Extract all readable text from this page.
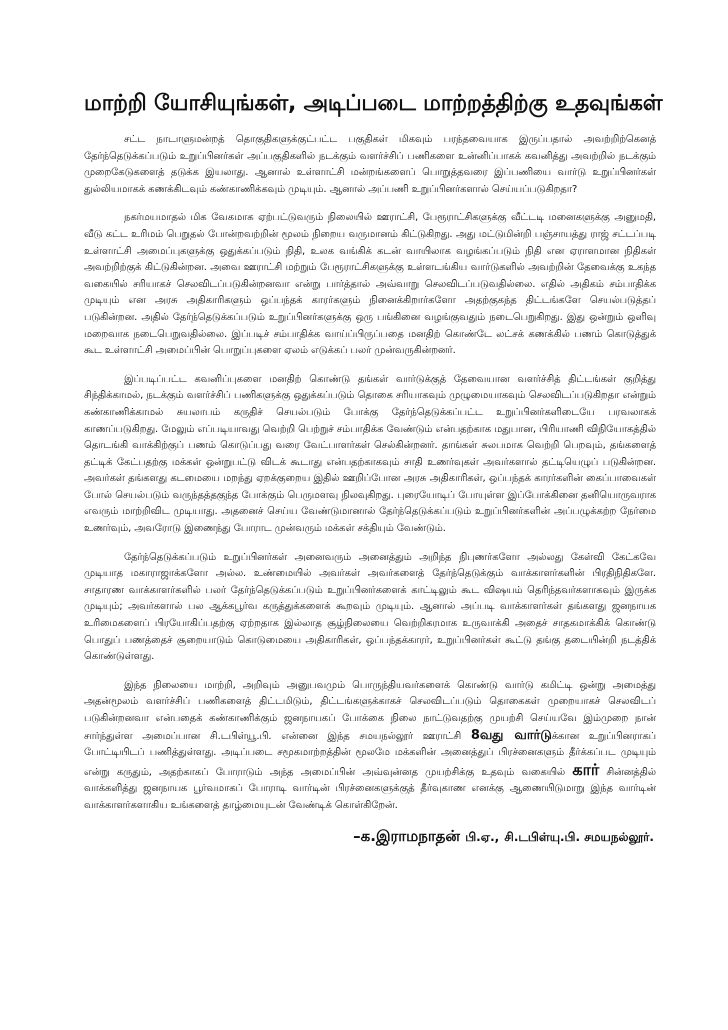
மாற்றி யோசியுங்கள், அடிப்படை மாற்றத்திற்கு உதவுங்கள்

சட்ட நாடாளுமன்றத் தொகுதிகளுக்குட்பட்ட பகுதிகள் மிகவும் பரந்தவையாக இருப்பதால் அவற்றிற்கெனத் தேர்ந்தெடுக்கப்படும் உறுப்பினர்கள் அப்பகுதிகளில் நடக்கும் வளர்ச்சிப் பணிகளை உன்னிப்பாகக் கவனித்து அவற்றில் நடக்கும் முறைகேடுகளைத் தடுக்க இயலாது. ஆனால் உள்ளாட்சி மன்றங்களைப் பொறுத்தவரை இப்பணியை வார்டு உறுப்பினர்கள் துல்லியமாகக் கணக்கிடவும் கண்காணிக்கவும் முடியும். ஆனால் அப்பணி உறுப்பினர்களால் செய்யப்படுகிறதா?

நகர்மயமாதல் மிக வேகமாக ஏற்பட்டுவரும் நிலையில் ஊராட்சி, பேரூராட்சிகளுக்கு வீட்டடி மனைகளுக்கு அனுமதி, வீடு கட்ட உரிமம் பெறுதல் போன்றவற்றின் மூலம் நிறைய வருமானம் கிட்டுகிறது. அது மட்டுமின்றி பஞ்சாயத்து ராஜ் சட்டப்படி உள்ளாட்சி அமைப்புகளுக்கு ஒதுக்கப்படும் நிதி, உலக வங்கிக் கடன் வாயிலாக வழங்கப்படும் நிதி என ஏராளமான நிதிகள் அவற்றிற்குக் கிட்டுகின்றன. அவை ஊராட்சி மற்றும் பேரூராட்சிகளுக்கு உள்ளடங்கிய வார்டுகளில் அவற்றின் தேவைக்கு உகந்த வகையில் சரியாகச் செலவிடப்படுகின்றனவா என்று பார்த்தால் அவ்வாறு செலவிடப்படுவதில்லை. எதில் அதிகம் சம்பாதிக்க முடியும் என அரசு அதிகாரிகளும் ஒப்பந்தக் காரர்களும் நினைக்கிறார்களோ அதற்குகந்த திட்டங்களே செயல்படுத்தப் படுகின்றன. அதில் தேர்ந்தெடுக்கப்படும் உறுப்பினர்களுக்கு ஒரு பங்கினை வழங்குவதும் நடைபெறுகிறது. இது ஒன்றும் ஒளிவு மறைவாக நடைபெறுவதில்லை. இப்படிச் சம்பாதிக்க வாய்ப்பிருப்பதை மனதிற் கொண்டே லட்சக் கணக்கில் பணம் கொடுத்துக் கூட உள்ளாட்சி அமைப்பின் பொறுப்புகளை ஏலம் எடுக்கப் பலர் முன்வருகின்றனர்.

இப்படிப்பட்ட கவனிப்புகளை மனதிற் கொண்டு தங்கள் வார்டுக்குத் தேவையான வளர்ச்சித் திட்டங்கள் குறித்து சிந்திக்காமல், நடக்கும் வளர்ச்சிப் பணிகளுக்கு ஒதுக்கப்படும் தொகை சரியாகவும் முழுமையாகவும் செலவிடப்படுகிறதா என்றும் கண்காணிக்காமல் சுயலாபம் கருதிச் செயல்படும் போக்கு தேர்ந்தெடுக்கப்பட்ட உறுப்பினர்களிடையே பரவலாகக் காணப்படுகிறது. மேலும் எப்படியாவது வெற்றி பெற்றுச் சம்பாதிக்க வேண்டும் என்பதற்காக மதுபான, பிரியாணி விநியோகத்தில் தொடங்கி வாக்கிற்குப் பணம் கொடுப்பது வரை வேட்பாளர்கள் செல்கின்றனர். தாங்கள் சுலபமாக வெற்றி பெறவும், தங்களைத் தட்டிக் கேட்பதற்கு மக்கள் ஒன்றுபட்டு விடக் கூடாது என்பதற்காகவும் சாதி உணர்வுகள் அவர்களால் தட்டியெழுப் படுகின்றன. அவர்கள் தங்களது கடமையை மறந்து ஏறக்குறைய இதில் ஊறிப்போன அரசு அதிகாரிகள், ஒப்பந்தக் காரர்களின் கைப்பாவைகள் போல் செயல்படும் வருந்தத்தகுந்த போக்கும் பெருமளவு நிலவுகிறது. புரையோடிப் போயுள்ள இப்போக்கினை தனியொருவராக எவரும் மாற்றிவிட முடியாது. அதனைச் செய்ய வேண்டுமானால் தேர்ந்தெடுக்கப்படும் உறுப்பினர்களின் அப்பழுக்கற்ற நேர்மை உணர்வும், அவரோடு இணைந்து போராட முன்வரும் மக்கள் சக்தியும் வேண்டும்.

தேர்ந்தெடுக்கப்படும் உறுப்பினர்கள் அனைவரும் அனைத்தும் அறிந்த நிபுணர்களோ அல்லது கேள்வி கேட்கவே முடியாத மகாராஜாக்களோ அல்ல. உண்மையில் அவர்கள் அவர்களைத் தேர்ந்தெடுக்கும் வாக்காளர்களின் பிரதிநிதிகளே. சாதாரண வாக்காளர்களில் பலர் தேர்ந்தெடுக்கப்படும் உறுப்பினர்களைக் காட்டிலும் கூட விஷயம் தெரிந்தவர்களாகவும் இருக்க முடியும்; அவர்களால் பல ஆக்கபூர்வ கருத்துக்களைக் கூறவும் முடியும். ஆனால் அப்படி வாக்காளர்கள் தங்களது ஜனநாயக உரிமைகளைப் பிரயோகிப்பதற்கு ஏற்றதாக இல்லாத சூழ்நிலையை வெற்றிகரமாக உருவாக்கி அதைச் சாதகமாக்கிக் கொண்டு பொதுப் பணத்தைச் சூறையாடும் கொடுமையை அதிகாரிகள், ஒப்பந்தக்காரர், உறுப்பினர்கள் கூட்டு தங்கு தடையின்றி நடத்திக் கொண்டுள்ளது.

இந்த நிலையை மாற்றி, அறிவும் அனுபவமும் பொருந்தியவர்களைக் கொண்டு வார்டு கமிட்டி ஒன்று அமைத்து அதன்மூலம் வளர்ச்சிப் பணிகளைத் திட்டமிடும், திட்டங்களுக்காகச் செலவிடப்படும் தொகைகள் முறையாகச் செலவிடப் படுகின்றனவா என்பதைக் கண்காணிக்கும் ஜனநாயகப் போக்கை நிலை நாட்டுவதற்கு முயற்சி செய்யவே இம்முறை நான் சார்ந்துள்ள அமைப்பான சி.டபிள்யூ.பி. என்னை இந்த சமயநல்லூர் ஊராட்சி 8வது வார்டுக்கான உறுப்பினராகப் போட்டியிடப் பணித்துள்ளது. அடிப்படை சமூகமாற்றத்தின் மூலமே மக்களின் அனைத்துப் பிரச்னைகளும் தீர்க்கப்பட முடியும் என்று கருதும், அதற்காகப் போராடும் அந்த அமைப்பின் அவ்வுன்னத முயற்சிக்கு உதவும் வகையில் கார் சின்னத்தில் வாக்களித்து ஜனநாயக பூர்வமாகப் போராடி வார்டின் பிரச்னைகளுக்குத் தீர்வுகாண எனக்கு ஆணையிடுமாறு இந்த வார்டின் வாக்காளர்களாகிய உங்களைத் தாழ்மையுடன் வேண்டிக் கொள்கிறேன்.

–க.இராமநாதன் பி.ஏ., சி.டபிள்யு.பி. சமயநல்லூர்.
